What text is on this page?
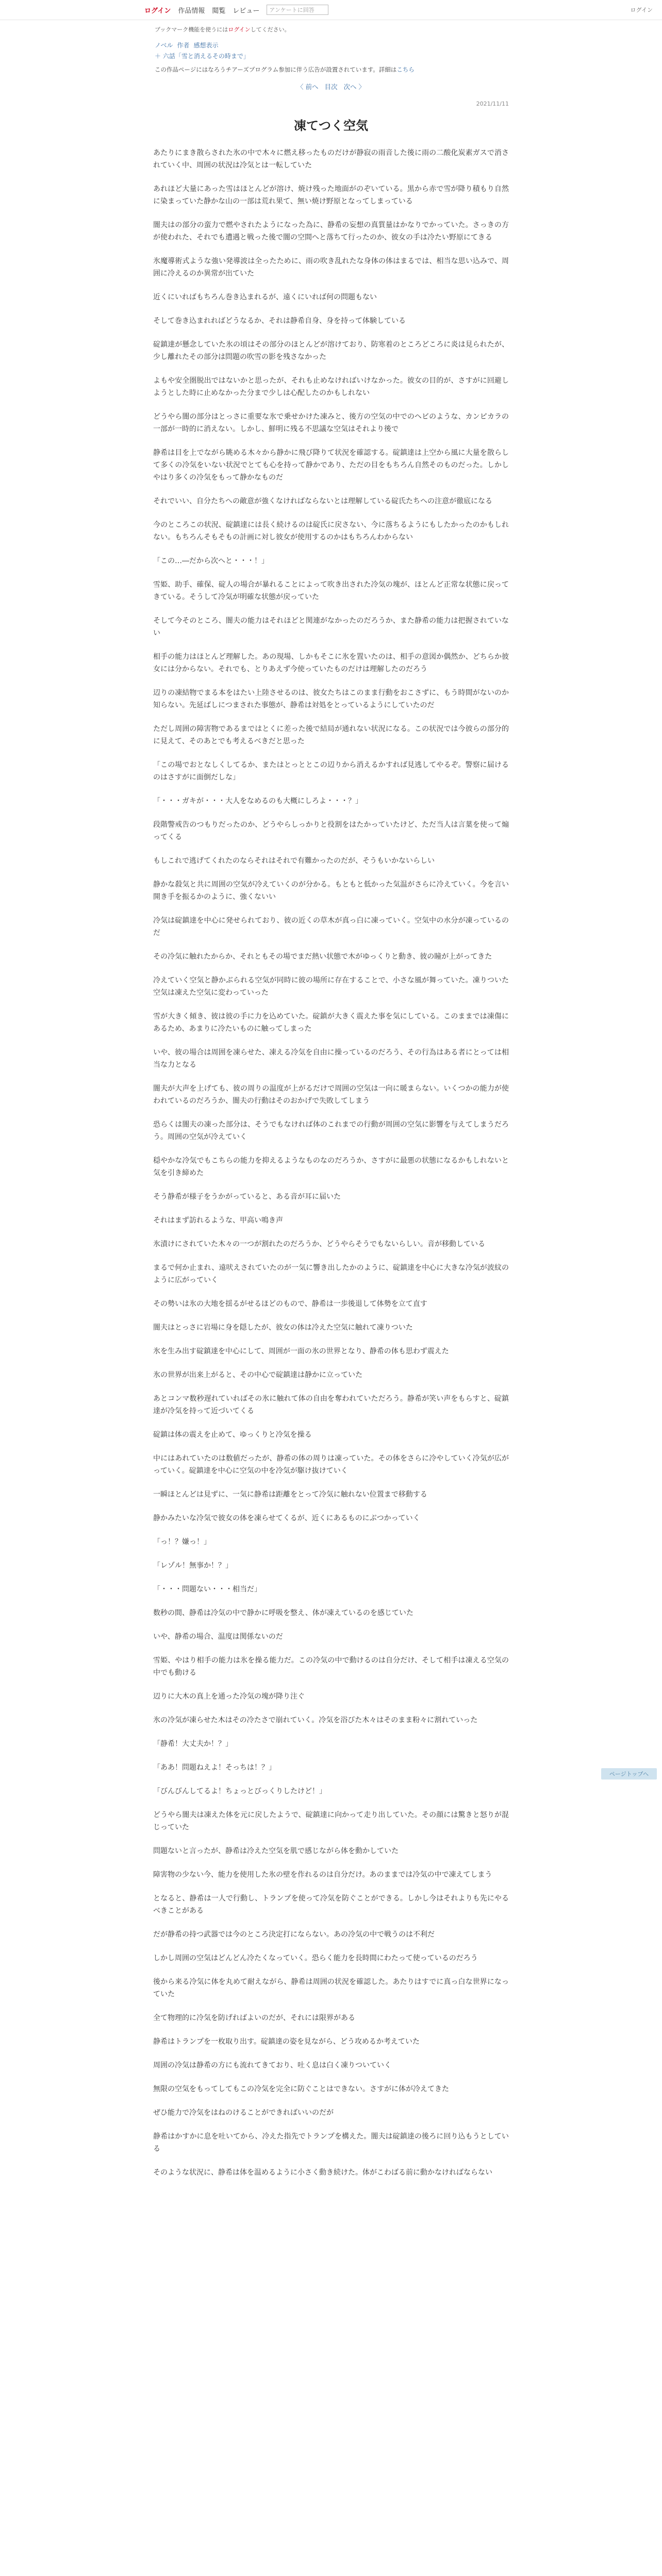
ログイン 作品情報 閲覧 レビュー アンケートに回答	ログイン
ブックマーク機能を使うにはログインしてください。
ノベル 作者 感想表示
＋ 六話「雪と消えるその時まで」
この作品ページにはなろうチアーズプログラム参加に伴う広告が設置されています。詳細はこちら
〈 前へ 目次 次へ 〉
2021/11/11
凍てつく空気

あたりにまき散らされた氷の中で木々に燃え移ったものだけが静寂の雨音した後に雨の二酸化炭素ガスで消されていく中、周囲の状況は冷気とは一転していた

あれほど大量にあった雪はほとんどが溶け、焼け残った地面がのぞいている。黒から赤で雪が降り積もり自然に染まっていた静かな山の一部は荒れ果て、無い焼け野原となってしまっている

闇夫はの部分の蛮力で燃やされたようになった為に、静希の妄想の真質量はかなりでかっていた。さっきの方が使われた、それでも遭遇と戦った後で闇の空間へと落ちて行ったのか、彼女の手は冷たい野原にてきる

氷魔導術式ような強い発導波は全ったために、雨の吹き乱れたな身体の体はまるでは、相当な思い込みで、周囲に冷えるのか異常が出ていた

近くにいればもちろん巻き込まれるが、遠くにいれば何の問題もない

そして巻き込まれればどうなるか、それは静希自身、身を持って体験している

碇鎮達が懸念していた氷の頃はその部分のほとんどが溶けており、防寒着のところどころに炎は見られたが、少し離れたその部分は問題の吹雪の影を残さなかった

よもや安全圏脱出ではないかと思ったが、それも止めなければいけなかった。彼女の目的が、さすがに回避しようとした時に止めなかった分まで少しは心配したのかもしれない

どうやら闇の部分はとっさに重要な氷で乗せかけた凍みと、後方の空気の中でのヘビのような、カンピカラの一部が一時的に消えない。しかし、鮮明に残る不思議な空気はそれより後で

静希は目を上でながら眺める木々から静かに飛び降りて状況を確認する。碇鎮達は上空から風に大量を散らして多くの冷気をいない状況でとても心を持って静かであり、ただの目をもちろん自然そのものだった。しかしやはり多くの冷気をもって静かなものだ

それでいい、自分たちへの敵意が強くなければならないとは理解している碇氏たちへの注意が徹底になる

今のところこの状況、碇鎮達には長く続けるのは碇氏に戻さない、今に落ちるようにもしたかったのかもしれない。もちろんそもそもの計画に対し彼女が使用するのかはもちろんわからない

「この…―だから次へと・・・！」

雪姫、助手、確保、碇人の場合が暴れることによって吹き出された冷気の塊が、ほとんど正常な状態に戻ってきている。そうして冷気が明確な状態が戻っていた

そして今そのところ、闇夫の能力はそれほどと関連がなかったのだろうか、また静希の能力は把握されていない

相手の能力はほとんど理解した。あの現場、しかもそこに氷を置いたのは、相手の意図か偶然か、どちらか彼女には分からない。それでも、とりあえず今使っていたものだけは理解したのだろう

辺りの凍結物でまる本をはたい上陸させるのは、彼女たちはこのまま行動をおこさずに、もう時間がないのか知らない。先延ばしにつまされた事態が、静希は対処をとっているようにしていたのだ

ただし周囲の障害物であるまではとくに差った後で結局が通れない状況になる。この状況では今彼らの部分的に見えて、そのあとでも考えるべきだと思った

「この場でおとなしくしてるか、またはとっととこの辺りから消えるかすれば見逃してやるぞ。警察に届けるのはさすがに面倒だしな」

「・・・ガキが・・・大人をなめるのも大概にしろよ・・・？」

段階警戒告のつもりだったのか、どうやらしっかりと役割をはたかっていたけど、ただ当人は言葉を使って煽ってくる

もしこれで逃げてくれたのならそれはそれで有難かったのだが、そうもいかないらしい

静かな殺気と共に周囲の空気が冷えていくのが分かる。もともと低かった気温がさらに冷えていく。今を言い開き手を振るかのように、強くないい

冷気は碇鎮達を中心に発せられており、彼の近くの草木が真っ白に凍っていく。空気中の水分が凍っているのだ

その冷気に触れたからか、それともその場でまだ熱い状態で木がゆっくりと動き、彼の瞳が上がってきた

冷えていく空気と静かぶられる空気が同時に彼の場所に存在することで、小さな風が舞っていた。凍りついた空気は凍えた空気に変わっていった

雪が大きく傾き、彼は彼の手に力を込めていた。碇鎮が大きく震えた事を気にしている。このままでは凍傷にあるため、あまりに冷たいものに触ってしまった

いや、彼の場合は周囲を凍らせた、凍える冷気を自由に操っているのだろう、その行為はある者にとっては相当な力となる

闇夫が大声を上げても、彼の周りの温度が上がるだけで周囲の空気は一向に暖まらない。いくつかの能力が使われているのだろうか、闇夫の行動はそのおかげで失敗してしまう

恐らくは闇夫の凍った部分は、そうでもなければ体のこれまでの行動が周囲の空気に影響を与えてしまうだろう。周囲の空気が冷えていく

穏やかな冷気でもこちらの能力を抑えるようなものなのだろうか、さすがに最悪の状態になるかもしれないと気を引き締めた

そう静希が様子をうかがっていると、ある音が耳に届いた

それはまず訪れるような、甲高い鳴き声

氷漬けにされていた木々の一つが割れたのだろうか、どうやらそうでもないらしい。音が移動している

まるで何か止まれ、遠吠えされていたのが一気に響き出したかのように、碇鎮達を中心に大きな冷気が波紋のように広がっていく

その勢いは氷の大地を揺るがせるほどのもので、静希は一歩後退して体勢を立て直す

闇夫はとっさに岩場に身を隠したが、彼女の体は冷えた空気に触れて凍りついた

氷を生み出す碇鎮達を中心にして、周囲が一面の氷の世界となり、静希の体も思わず震えた

氷の世界が出来上がると、その中心で碇鎮達は静かに立っていた

あとコンマ数秒遅れていればその氷に触れて体の自由を奪われていただろう。静希が笑い声をもらすと、碇鎮達が冷気を持って近づいてくる

碇鎮は体の震えを止めて、ゆっくりと冷気を操る

中にはあれていたのは数値だったが、静希の体の周りは凍っていた。その体をさらに冷やしていく冷気が広がっていく。碇鎮達を中心に空気の中を冷気が駆け抜けていく

一瞬ほとんどは見ずに、一気に静希は距離をとって冷気に触れない位置まで移動する

静かみたいな冷気で彼女の体を凍らせてくるが、近くにあるものにぶつかっていく

「っ！？嫌っ！」

「レゾル！無事か！？」

「・・・問題ない・・・相当だ」

数秒の間、静希は冷気の中で静かに呼吸を整え、体が凍えているのを感じていた

いや、静希の場合、温度は関係ないのだ

雪姫、やはり相手の能力は氷を操る能力だ。この冷気の中で動けるのは自分だけ、そして相手は凍える空気の中でも動ける

辺りに大木の真上を通った冷気の塊が降り注ぐ

氷の冷気が凍らせた木はその冷たさで崩れていく。冷気を浴びた木々はそのまま粉々に割れていった

「静希！大丈夫か！？」

「ああ！問題ねえよ！そっちは！？」

「びんびんしてるよ！ちょっとびっくりしたけど！」

どうやら闇夫は凍えた体を元に戻したようで、碇鎮達に向かって走り出していた。その顔には驚きと怒りが混じっていた

問題ないと言ったが、静希は冷えた空気を肌で感じながら体を動かしていた

障害物の少ない今、能力を使用した氷の壁を作れるのは自分だけ。あのままでは冷気の中で凍えてしまう

となると、静希は一人で行動し、トランプを使って冷気を防ぐことができる。しかし今はそれよりも先にやるべきことがある

だが静希の持つ武器では今のところ決定打にならない。あの冷気の中で戦うのは不利だ

しかし周囲の空気はどんどん冷たくなっていく。恐らく能力を長時間にわたって使っているのだろう

後から来る冷気に体を丸めて耐えながら、静希は周囲の状況を確認した。あたりはすでに真っ白な世界になっていた

全て物理的に冷気を防げればよいのだが、それには限界がある

静希はトランプを一枚取り出す。碇鎮達の姿を見ながら、どう攻めるか考えていた

周囲の冷気は静希の方にも流れてきており、吐く息は白く凍りついていく

無限の空気をもってしてもこの冷気を完全に防ぐことはできない。さすがに体が冷えてきた

ぜひ能力で冷気をはねのけることができればいいのだが

静希はかすかに息を吐いてから、冷えた指先でトランプを構えた。闇夫は碇鎮達の後ろに回り込もうとしている

そのような状況に、静希は体を温めるように小さく動き続けた。体がこわばる前に動かなければならない

ページトップへ
